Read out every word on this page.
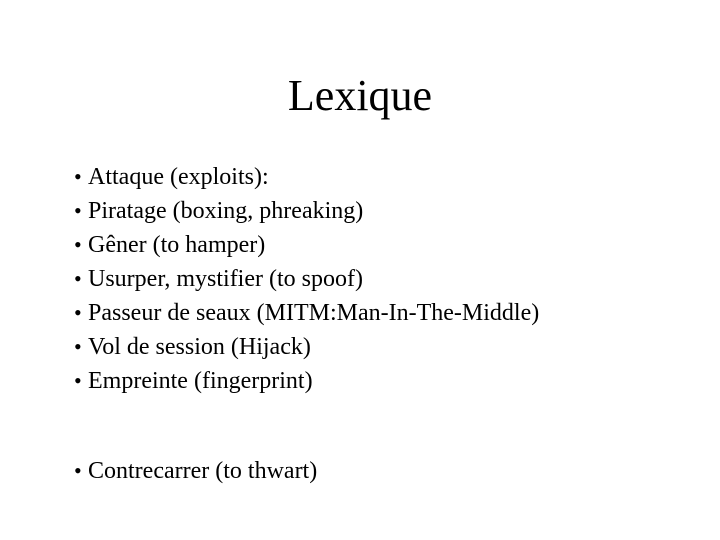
Lexique
• Attaque (exploits):
• Piratage (boxing, phreaking)
• Gêner (to hamper)
• Usurper, mystifier (to spoof)
• Passeur de seaux (MITM:Man-In-The-Middle)
• Vol de session (Hijack)
• Empreinte (fingerprint)
• Contrecarrer (to thwart)
